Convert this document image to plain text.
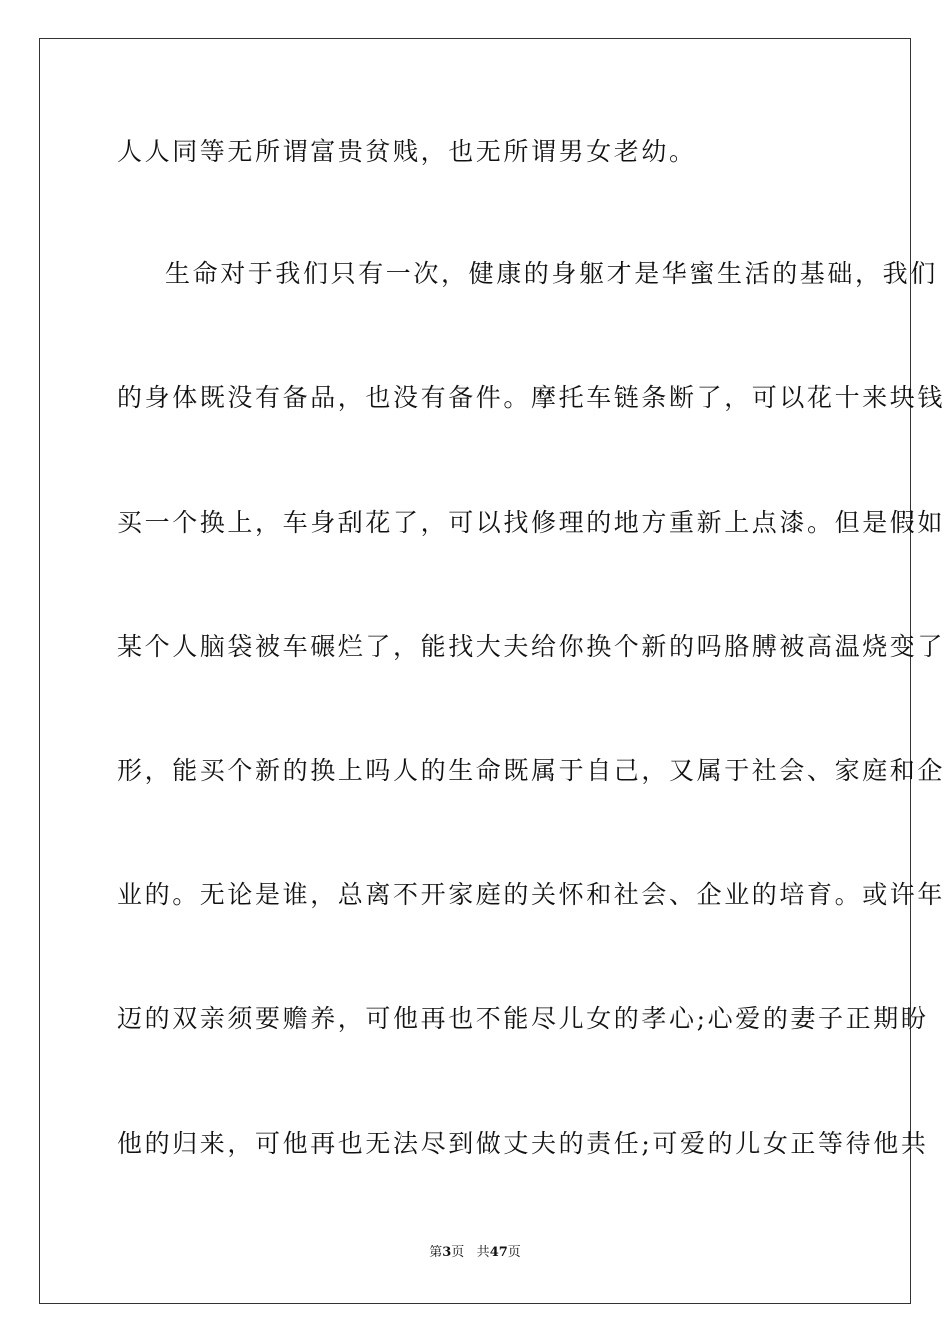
人人同等无所谓富贵贫贱，也无所谓男女老幼。
生命对于我们只有一次，健康的身躯才是华蜜生活的基础，我们
的身体既没有备品，也没有备件。摩托车链条断了，可以花十来块钱
买一个换上，车身刮花了，可以找修理的地方重新上点漆。但是假如
某个人脑袋被车碾烂了，能找大夫给你换个新的吗胳膊被高温烧变了
形，能买个新的换上吗人的生命既属于自己，又属于社会、家庭和企
业的。无论是谁，总离不开家庭的关怀和社会、企业的培育。或许年
迈的双亲须要赡养，可他再也不能尽儿女的孝心;心爱的妻子正期盼
他的归来，可他再也无法尽到做丈夫的责任;可爱的儿女正等待他共
第3页 共47页
